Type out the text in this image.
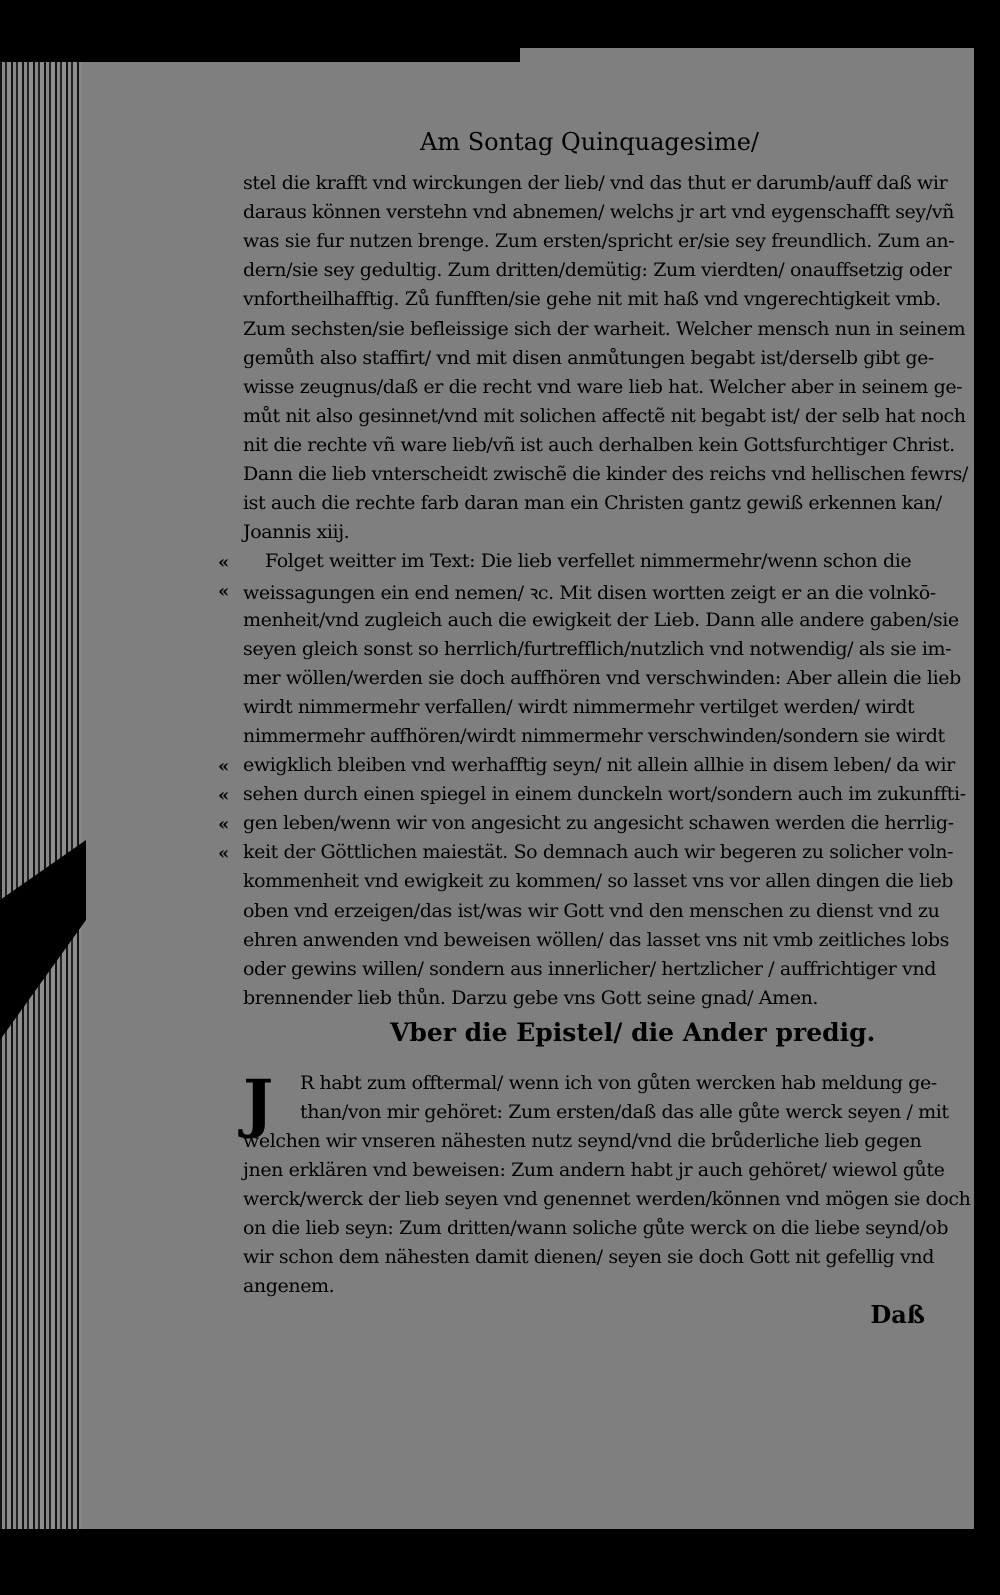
Am Sontag Quinquagesime/
stel die krafft vnd wirckungen der lieb/ vnd das thut er darumb/auff daß wir
daraus können verstehn vnd abnemen/ welchs jr art vnd eygenschafft sey/vñ
was sie fur nutzen brenge. Zum ersten/spricht er/sie sey freundlich. Zum an-
dern/sie sey gedultig. Zum dritten/demütig: Zum vierdten/ onauffsetzig oder
vnfortheilhafftig. Zů funfften/sie gehe nit mit haß vnd vngerechtigkeit vmb.
Zum sechsten/sie befleissige sich der warheit. Welcher mensch nun in seinem
gemůth also staffirt/ vnd mit disen anmůtungen begabt ist/derselb gibt ge-
wisse zeugnus/daß er die recht vnd ware lieb hat. Welcher aber in seinem ge-
můt nit also gesinnet/vnd mit solichen affectẽ nit begabt ist/ der selb hat noch
nit die rechte vñ ware lieb/vñ ist auch derhalben kein Gottsfurchtiger Christ.
Dann die lieb vnterscheidt zwischẽ die kinder des reichs vnd hellischen fewrs/
ist auch die rechte farb daran man ein Christen gantz gewiß erkennen kan/
Joannis xiij.
Folget weitter im Text: Die lieb verfellet nimmermehr/wenn schon die
weissagungen ein end nemen/ ꝛc. Mit disen wortten zeigt er an die volnkō-
menheit/vnd zugleich auch die ewigkeit der Lieb. Dann alle andere gaben/sie
seyen gleich sonst so herrlich/furtrefflich/nutzlich vnd notwendig/ als sie im-
mer wöllen/werden sie doch auffhören vnd verschwinden: Aber allein die lieb
wirdt nimmermehr verfallen/ wirdt nimmermehr vertilget werden/ wirdt
nimmermehr auffhören/wirdt nimmermehr verschwinden/sondern sie wirdt
ewigklich bleiben vnd werhafftig seyn/ nit allein allhie in disem leben/ da wir
sehen durch einen spiegel in einem dunckeln wort/sondern auch im zukunffti-
gen leben/wenn wir von angesicht zu angesicht schawen werden die herrlig-
keit der Göttlichen maiestät. So demnach auch wir begeren zu solicher voln-
kommenheit vnd ewigkeit zu kommen/ so lasset vns vor allen dingen die lieb
oben vnd erzeigen/das ist/was wir Gott vnd den menschen zu dienst vnd zu
ehren anwenden vnd beweisen wöllen/ das lasset vns nit vmb zeitliches lobs
oder gewins willen/ sondern aus innerlicher/ hertzlicher / auffrichtiger vnd
brennender lieb thůn. Darzu gebe vns Gott seine gnad/ Amen.
«
«
«
«
«
«
Vber die Epistel/ die Ander predig.
J	R habt zum offtermal/ wenn ich von gůten wercken hab meldung ge-
than/von mir gehöret: Zum ersten/daß das alle gůte werck seyen / mit
welchen wir vnseren nähesten nutz seynd/vnd die brůderliche lieb gegen
jnen erklären vnd beweisen: Zum andern habt jr auch gehöret/ wiewol gůte
werck/werck der lieb seyen vnd genennet werden/können vnd mögen sie doch
on die lieb seyn: Zum dritten/wann soliche gůte werck on die liebe seynd/ob
wir schon dem nähesten damit dienen/ seyen sie doch Gott nit gefellig vnd
angenem.
Daß
